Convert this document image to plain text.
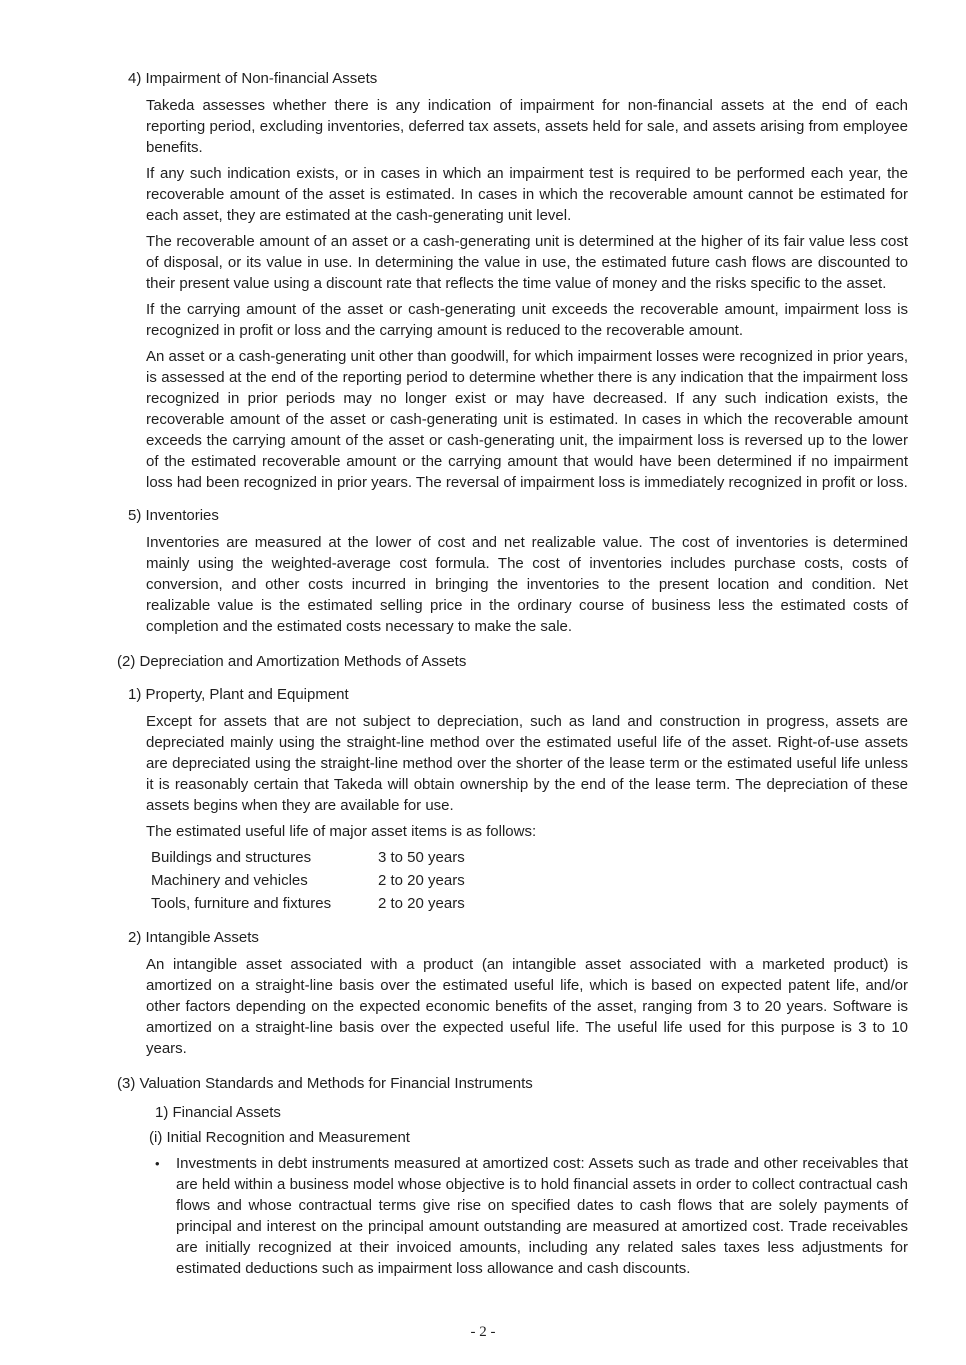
4) Impairment of Non-financial Assets

Takeda assesses whether there is any indication of impairment for non-financial assets at the end of each reporting period, excluding inventories, deferred tax assets, assets held for sale, and assets arising from employee benefits.

If any such indication exists, or in cases in which an impairment test is required to be performed each year, the recoverable amount of the asset is estimated. In cases in which the recoverable amount cannot be estimated for each asset, they are estimated at the cash-generating unit level.

The recoverable amount of an asset or a cash-generating unit is determined at the higher of its fair value less cost of disposal, or its value in use. In determining the value in use, the estimated future cash flows are discounted to their present value using a discount rate that reflects the time value of money and the risks specific to the asset.

If the carrying amount of the asset or cash-generating unit exceeds the recoverable amount, impairment loss is recognized in profit or loss and the carrying amount is reduced to the recoverable amount.

An asset or a cash-generating unit other than goodwill, for which impairment losses were recognized in prior years, is assessed at the end of the reporting period to determine whether there is any indication that the impairment loss recognized in prior periods may no longer exist or may have decreased. If any such indication exists, the recoverable amount of the asset or cash-generating unit is estimated. In cases in which the recoverable amount exceeds the carrying amount of the asset or cash-generating unit, the impairment loss is reversed up to the lower of the estimated recoverable amount or the carrying amount that would have been determined if no impairment loss had been recognized in prior years. The reversal of impairment loss is immediately recognized in profit or loss.

5) Inventories

Inventories are measured at the lower of cost and net realizable value. The cost of inventories is determined mainly using the weighted-average cost formula. The cost of inventories includes purchase costs, costs of conversion, and other costs incurred in bringing the inventories to the present location and condition. Net realizable value is the estimated selling price in the ordinary course of business less the estimated costs of completion and the estimated costs necessary to make the sale.

(2) Depreciation and Amortization Methods of Assets
1) Property, Plant and Equipment

Except for assets that are not subject to depreciation, such as land and construction in progress, assets are depreciated mainly using the straight-line method over the estimated useful life of the asset. Right-of-use assets are depreciated using the straight-line method over the shorter of the lease term or the estimated useful life unless it is reasonably certain that Takeda will obtain ownership by the end of the lease term. The depreciation of these assets begins when they are available for use.

The estimated useful life of major asset items is as follows:

Buildings and structures	3 to 50 years
Machinery and vehicles	2 to 20 years
Tools, furniture and fixtures	2 to 20 years
2) Intangible Assets

An intangible asset associated with a product (an intangible asset associated with a marketed product) is amortized on a straight-line basis over the estimated useful life, which is based on expected patent life, and/or other factors depending on the expected economic benefits of the asset, ranging from 3 to 20 years. Software is amortized on a straight-line basis over the expected useful life. The useful life used for this purpose is 3 to 10 years.

(3) Valuation Standards and Methods for Financial Instruments
1) Financial Assets
(i) Initial Recognition and Measurement
•	Investments in debt instruments measured at amortized cost: Assets such as trade and other receivables that are held within a business model whose objective is to hold financial assets in order to collect contractual cash flows and whose contractual terms give rise on specified dates to cash flows that are solely payments of principal and interest on the principal amount outstanding are measured at amortized cost. Trade receivables are initially recognized at their invoiced amounts, including any related sales taxes less adjustments for estimated deductions such as impairment loss allowance and cash discounts.
- 2 -
